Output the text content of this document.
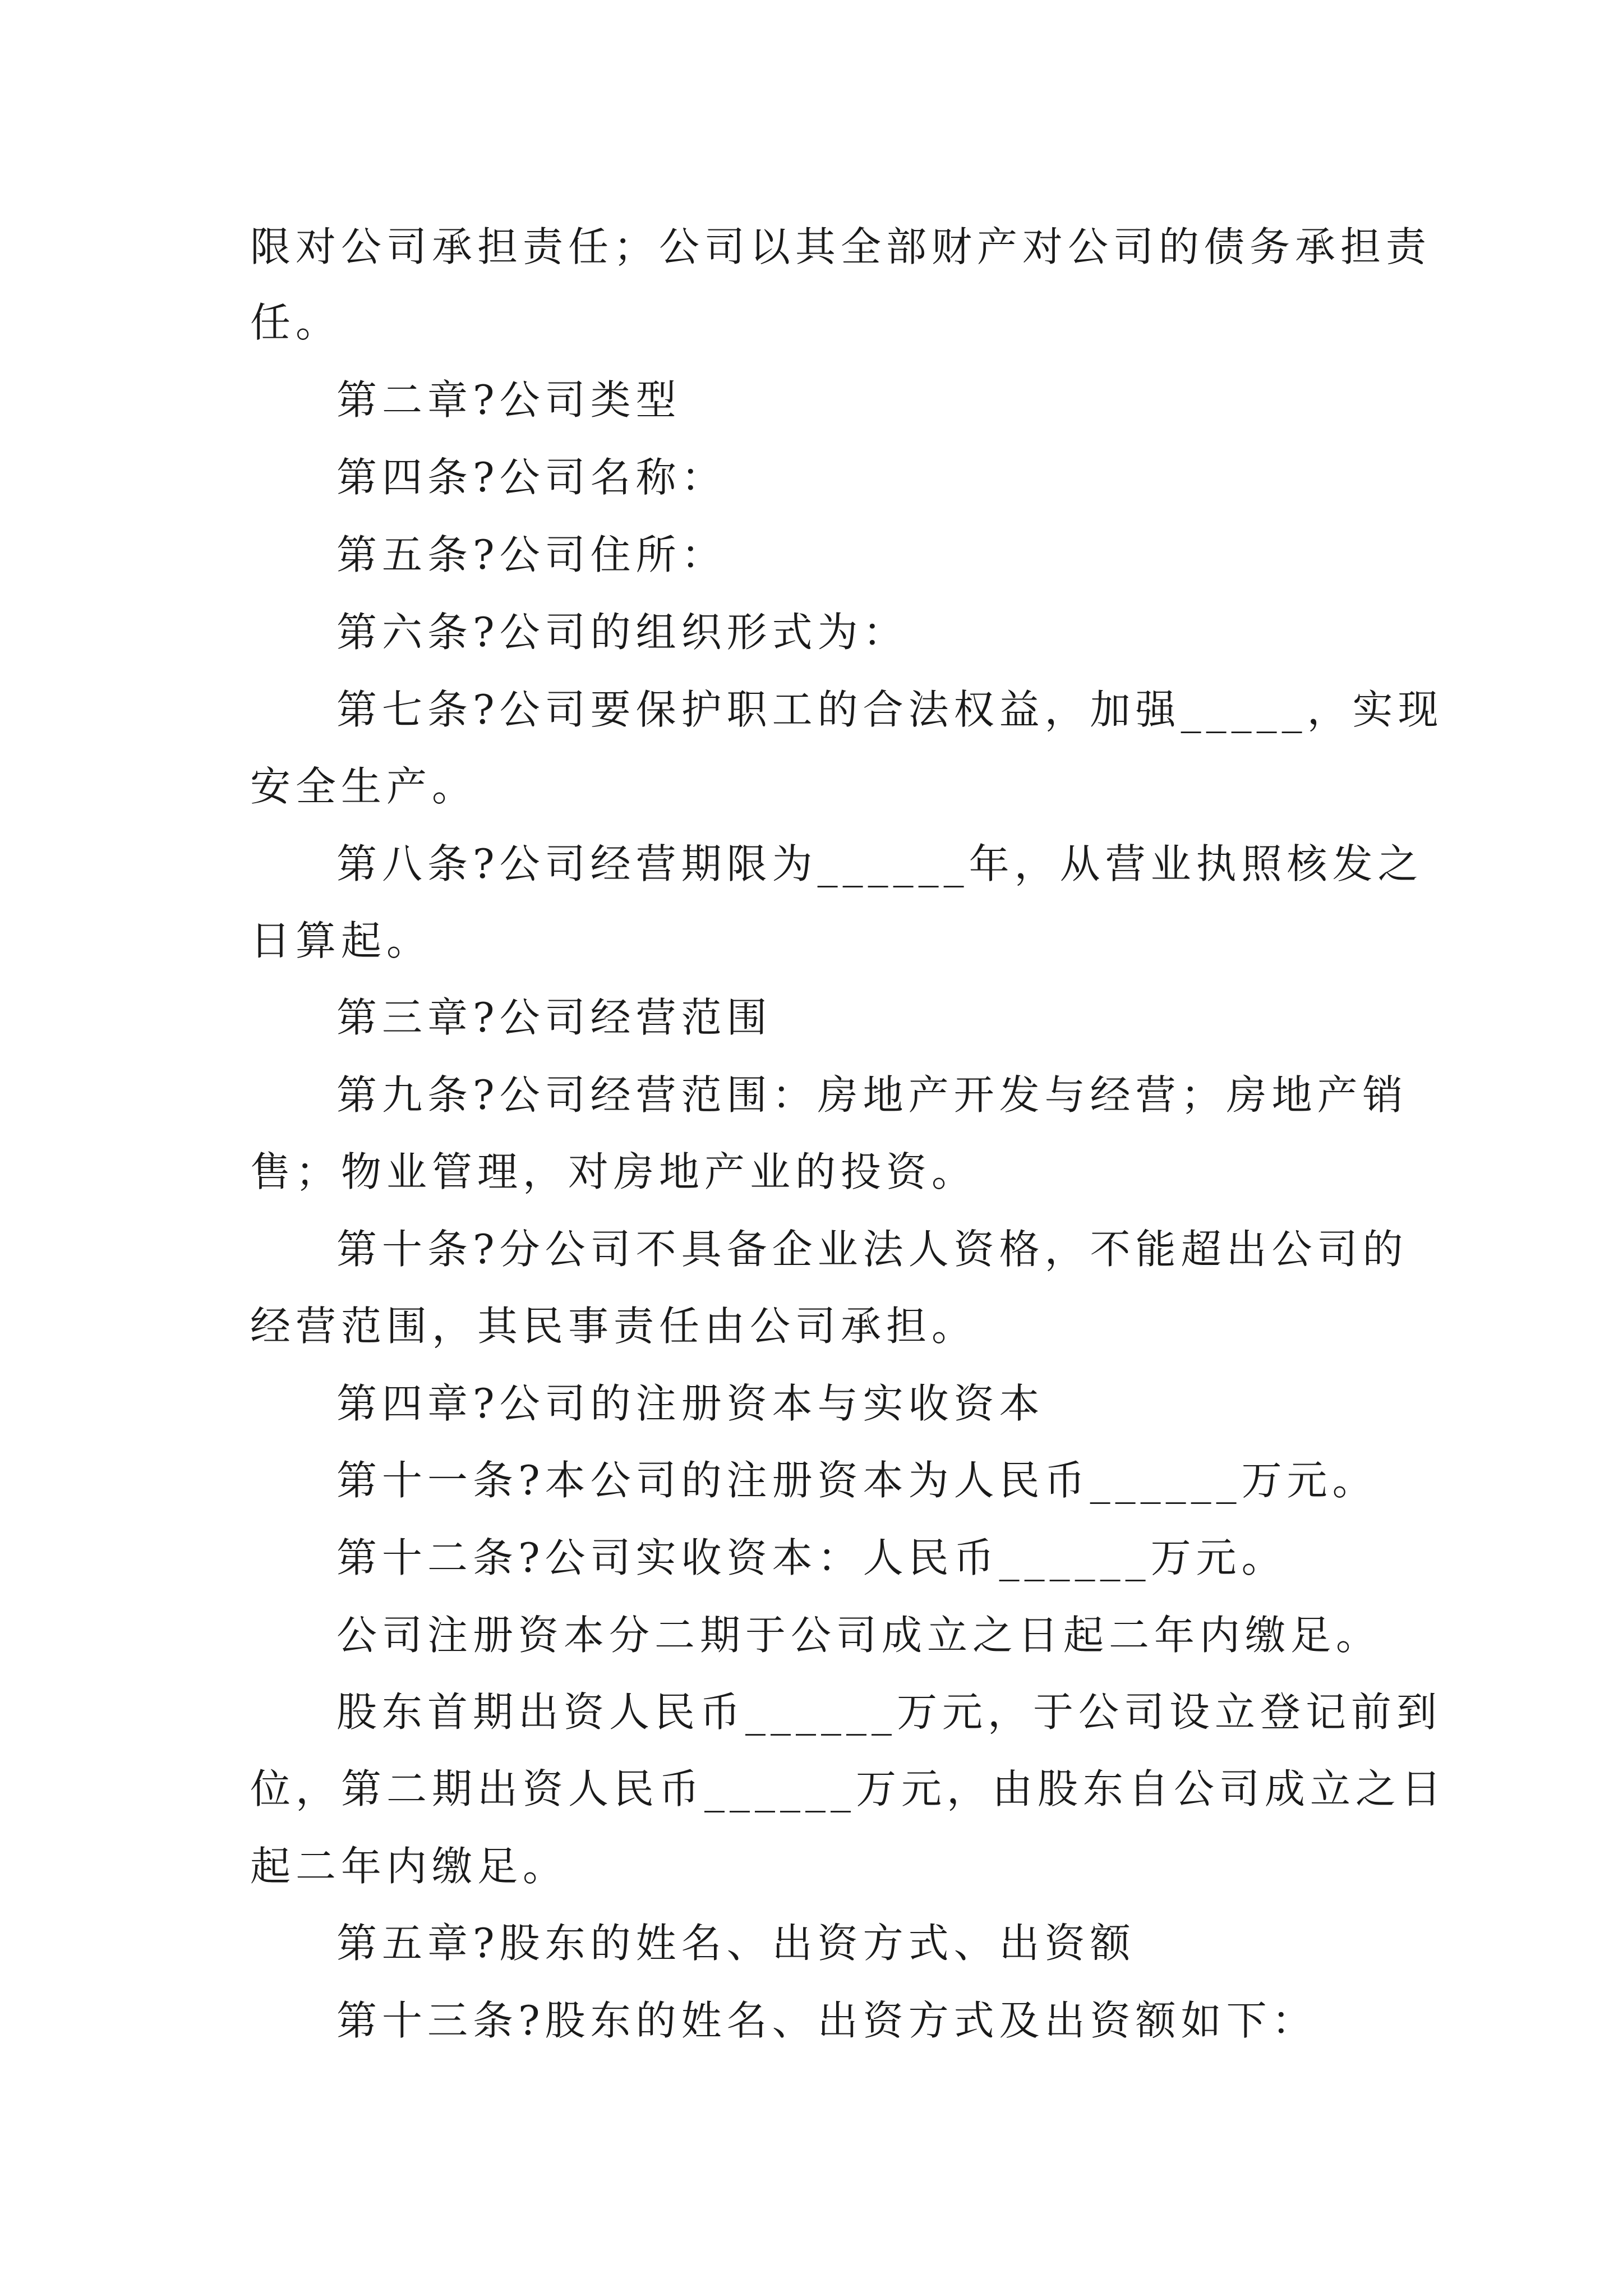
限对公司承担责任；公司以其全部财产对公司的债务承担责
任。
第二章?公司类型
第四条?公司名称：
第五条?公司住所：
第六条?公司的组织形式为：
第七条?公司要保护职工的合法权益，加强_____，实现
安全生产。
第八条?公司经营期限为______年，从营业执照核发之
日算起。
第三章?公司经营范围
第九条?公司经营范围：房地产开发与经营；房地产销
售；物业管理，对房地产业的投资。
第十条?分公司不具备企业法人资格，不能超出公司的
经营范围，其民事责任由公司承担。
第四章?公司的注册资本与实收资本
第十一条?本公司的注册资本为人民币______万元。
第十二条?公司实收资本：人民币______万元。
公司注册资本分二期于公司成立之日起二年内缴足。
股东首期出资人民币______万元，于公司设立登记前到
位，第二期出资人民币______万元，由股东自公司成立之日
起二年内缴足。
第五章?股东的姓名、出资方式、出资额
第十三条?股东的姓名、出资方式及出资额如下：
